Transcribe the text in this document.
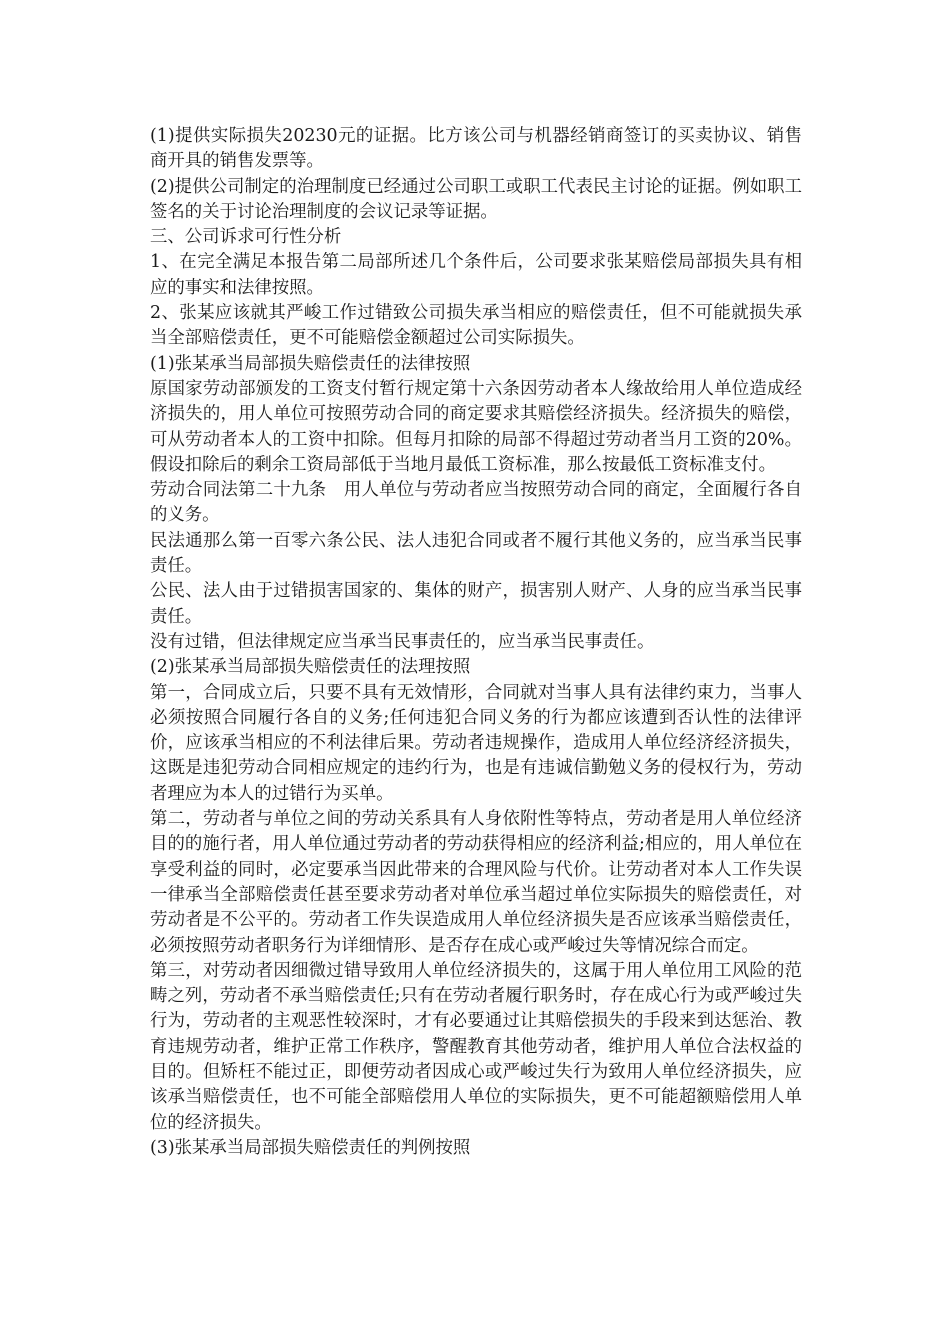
(1)提供实际损失20230元的证据。比方该公司与机器经销商签订的买卖协议、销售商开具的销售发票等。

(2)提供公司制定的治理制度已经通过公司职工或职工代表民主讨论的证据。例如职工签名的关于讨论治理制度的会议记录等证据。

三、公司诉求可行性分析

1、在完全满足本报告第二局部所述几个条件后，公司要求张某赔偿局部损失具有相应的事实和法律按照。

2、张某应该就其严峻工作过错致公司损失承当相应的赔偿责任，但不可能就损失承当全部赔偿责任，更不可能赔偿金额超过公司实际损失。

(1)张某承当局部损失赔偿责任的法律按照

原国家劳动部颁发的工资支付暂行规定第十六条因劳动者本人缘故给用人单位造成经济损失的，用人单位可按照劳动合同的商定要求其赔偿经济损失。经济损失的赔偿，可从劳动者本人的工资中扣除。但每月扣除的局部不得超过劳动者当月工资的20%。假设扣除后的剩余工资局部低于当地月最低工资标准，那么按最低工资标准支付。

劳动合同法第二十九条　用人单位与劳动者应当按照劳动合同的商定，全面履行各自的义务。

民法通那么第一百零六条公民、法人违犯合同或者不履行其他义务的，应当承当民事责任。

公民、法人由于过错损害国家的、集体的财产，损害别人财产、人身的应当承当民事责任。

没有过错，但法律规定应当承当民事责任的，应当承当民事责任。

(2)张某承当局部损失赔偿责任的法理按照

第一，合同成立后，只要不具有无效情形，合同就对当事人具有法律约束力，当事人必须按照合同履行各自的义务;任何违犯合同义务的行为都应该遭到否认性的法律评价，应该承当相应的不利法律后果。劳动者违规操作，造成用人单位经济经济损失，这既是违犯劳动合同相应规定的违约行为，也是有违诚信勤勉义务的侵权行为，劳动者理应为本人的过错行为买单。

第二，劳动者与单位之间的劳动关系具有人身依附性等特点，劳动者是用人单位经济目的的施行者，用人单位通过劳动者的劳动获得相应的经济利益;相应的，用人单位在享受利益的同时，必定要承当因此带来的合理风险与代价。让劳动者对本人工作失误一律承当全部赔偿责任甚至要求劳动者对单位承当超过单位实际损失的赔偿责任，对劳动者是不公平的。劳动者工作失误造成用人单位经济损失是否应该承当赔偿责任，必须按照劳动者职务行为详细情形、是否存在成心或严峻过失等情况综合而定。

第三，对劳动者因细微过错导致用人单位经济损失的，这属于用人单位用工风险的范畴之列，劳动者不承当赔偿责任;只有在劳动者履行职务时，存在成心行为或严峻过失行为，劳动者的主观恶性较深时，才有必要通过让其赔偿损失的手段来到达惩治、教育违规劳动者，维护正常工作秩序，警醒教育其他劳动者，维护用人单位合法权益的目的。但矫枉不能过正，即便劳动者因成心或严峻过失行为致用人单位经济损失，应该承当赔偿责任，也不可能全部赔偿用人单位的实际损失，更不可能超额赔偿用人单位的经济损失。

(3)张某承当局部损失赔偿责任的判例按照
